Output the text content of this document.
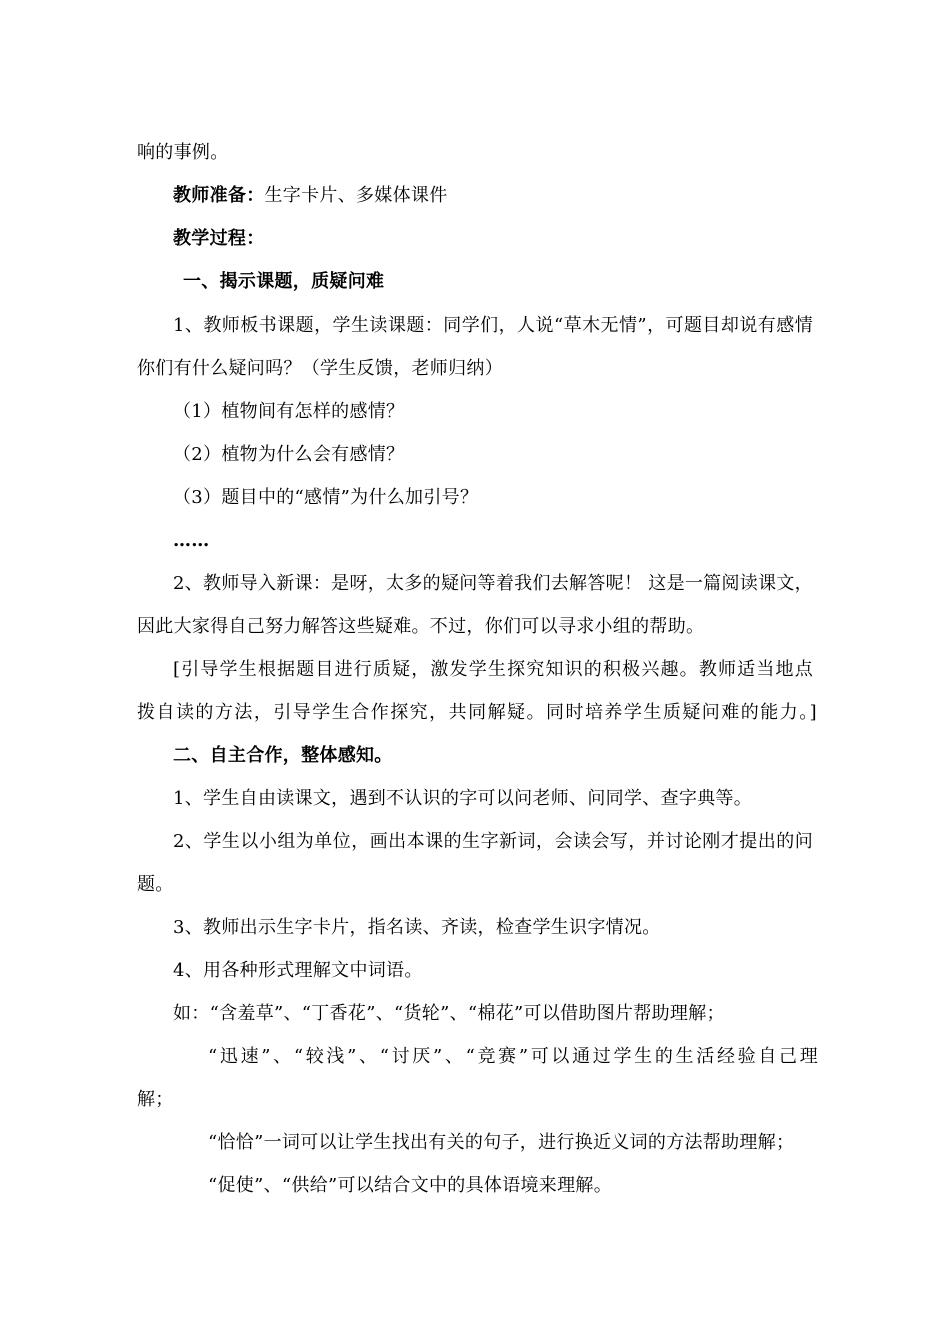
响的事例。
教师准备：生字卡片、多媒体课件
教学过程：
一、揭示课题，质疑问难
1、教师板书课题，学生读课题：同学们，人说“草木无情”，可题目却说有感情
你们有什么疑问吗？（学生反馈，老师归纳）
（1）植物间有怎样的感情？
（2）植物为什么会有感情？
（3）题目中的“感情”为什么加引号？
……
2、教师导入新课：是呀，太多的疑问等着我们去解答呢！ 这是一篇阅读课文，
因此大家得自己努力解答这些疑难。不过，你们可以寻求小组的帮助。
[引导学生根据题目进行质疑，激发学生探究知识的积极兴趣。教师适当地点
拨自读的方法，引导学生合作探究，共同解疑。同时培养学生质疑问难的能力。]
二、自主合作，整体感知。
1、学生自由读课文，遇到不认识的字可以问老师、问同学、查字典等。
2、学生以小组为单位，画出本课的生字新词，会读会写，并讨论刚才提出的问
题。
3、教师出示生字卡片，指名读、齐读，检查学生识字情况。
4、用各种形式理解文中词语。
如：“含羞草”、“丁香花”、“货轮”、“棉花”可以借助图片帮助理解；
“迅速”、“较浅”、“讨厌”、“竞赛”可以通过学生的生活经验自己理
解；
“恰恰”一词可以让学生找出有关的句子，进行换近义词的方法帮助理解；
“促使”、“供给”可以结合文中的具体语境来理解。
